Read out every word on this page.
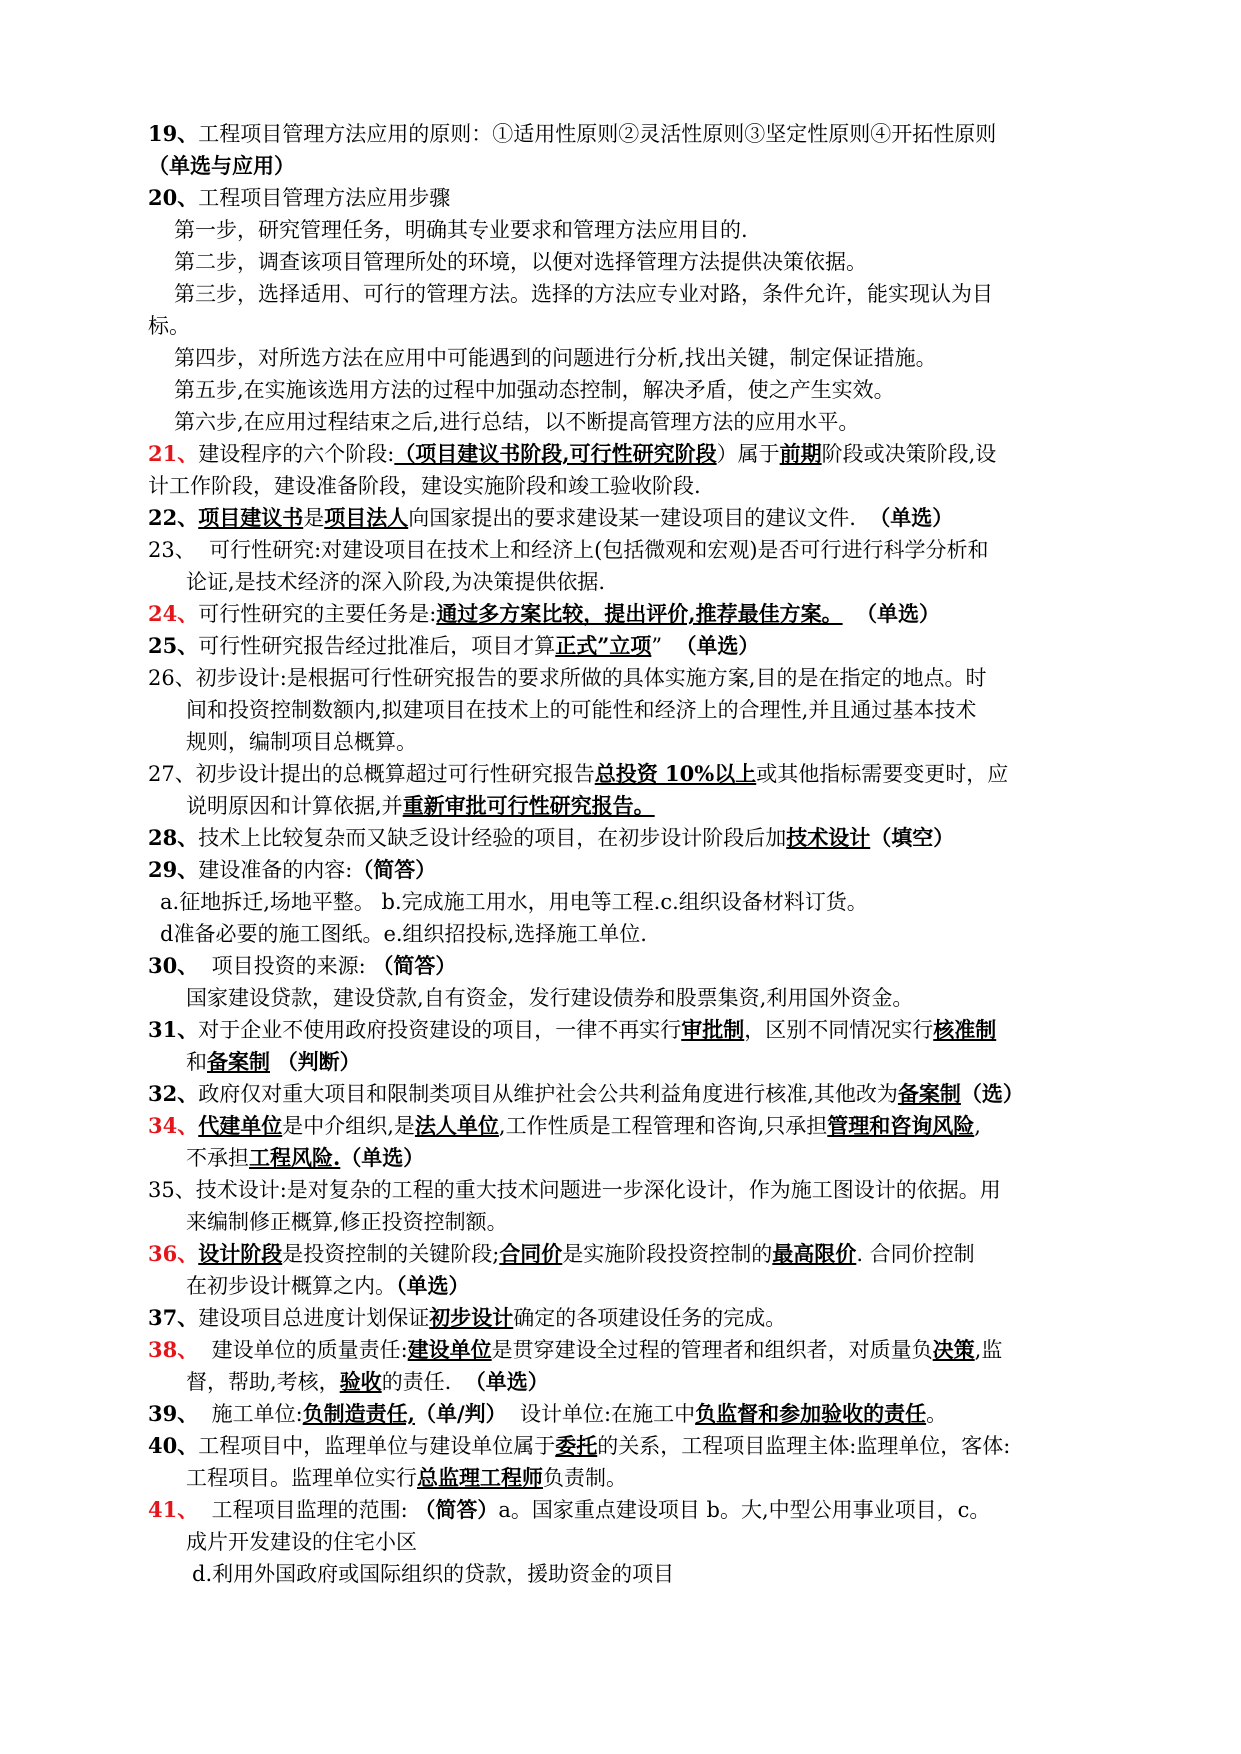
19、工程项目管理方法应用的原则：①适用性原则②灵活性原则③坚定性原则④开拓性原则
（单选与应用）
20、工程项目管理方法应用步骤
第一步，研究管理任务，明确其专业要求和管理方法应用目的.
第二步，调查该项目管理所处的环境，以便对选择管理方法提供决策依据。
第三步，选择适用、可行的管理方法。选择的方法应专业对路，条件允许，能实现认为目
标。
第四步，对所选方法在应用中可能遇到的问题进行分析,找出关键，制定保证措施。
第五步,在实施该选用方法的过程中加强动态控制，解决矛盾，使之产生实效。
第六步,在应用过程结束之后,进行总结，以不断提高管理方法的应用水平。
21、建设程序的六个阶段:（项目建议书阶段,可行性研究阶段）属于前期阶段或决策阶段,设
计工作阶段，建设准备阶段，建设实施阶段和竣工验收阶段.
22、项目建议书是项目法人向国家提出的要求建设某一建设项目的建议文件. （单选）
23、 可行性研究:对建设项目在技术上和经济上(包括微观和宏观)是否可行进行科学分析和
论证,是技术经济的深入阶段,为决策提供依据.
24、可行性研究的主要任务是:通过多方案比较，提出评价,推荐最佳方案。 （单选）
25、可行性研究报告经过批准后，项目才算正式”立项” （单选）
26、初步设计:是根据可行性研究报告的要求所做的具体实施方案,目的是在指定的地点。时
间和投资控制数额内,拟建项目在技术上的可能性和经济上的合理性,并且通过基本技术
规则，编制项目总概算。
27、初步设计提出的总概算超过可行性研究报告总投资 10%以上或其他指标需要变更时，应
说明原因和计算依据,并重新审批可行性研究报告。
28、技术上比较复杂而又缺乏设计经验的项目，在初步设计阶段后加技术设计（填空）
29、建设准备的内容:（简答）
a.征地拆迁,场地平整。 b.完成施工用水，用电等工程.c.组织设备材料订货。
d准备必要的施工图纸。e.组织招投标,选择施工单位.
30、 项目投资的来源: （简答）
国家建设贷款，建设贷款,自有资金，发行建设债券和股票集资,利用国外资金。
31、对于企业不使用政府投资建设的项目，一律不再实行审批制，区别不同情况实行核准制
和备案制 （判断）
32、政府仅对重大项目和限制类项目从维护社会公共利益角度进行核准,其他改为备案制（选）
34、代建单位是中介组织,是法人单位,工作性质是工程管理和咨询,只承担管理和咨询风险,
不承担工程风险.（单选）
35、技术设计:是对复杂的工程的重大技术问题进一步深化设计，作为施工图设计的依据。用
来编制修正概算,修正投资控制额。
36、设计阶段是投资控制的关键阶段;合同价是实施阶段投资控制的最高限价. 合同价控制
在初步设计概算之内。（单选）
37、建设项目总进度计划保证初步设计确定的各项建设任务的完成。
38、 建设单位的质量责任:建设单位是贯穿建设全过程的管理者和组织者，对质量负决策,监
督，帮助,考核，验收的责任. （单选）
39、 施工单位:负制造责任,（单/判） 设计单位:在施工中负监督和参加验收的责任。
40、工程项目中，监理单位与建设单位属于委托的关系，工程项目监理主体:监理单位，客体:
工程项目。监理单位实行总监理工程师负责制。
41、 工程项目监理的范围: （简答）a。国家重点建设项目 b。大,中型公用事业项目，c。
成片开发建设的住宅小区
d.利用外国政府或国际组织的贷款，援助资金的项目
